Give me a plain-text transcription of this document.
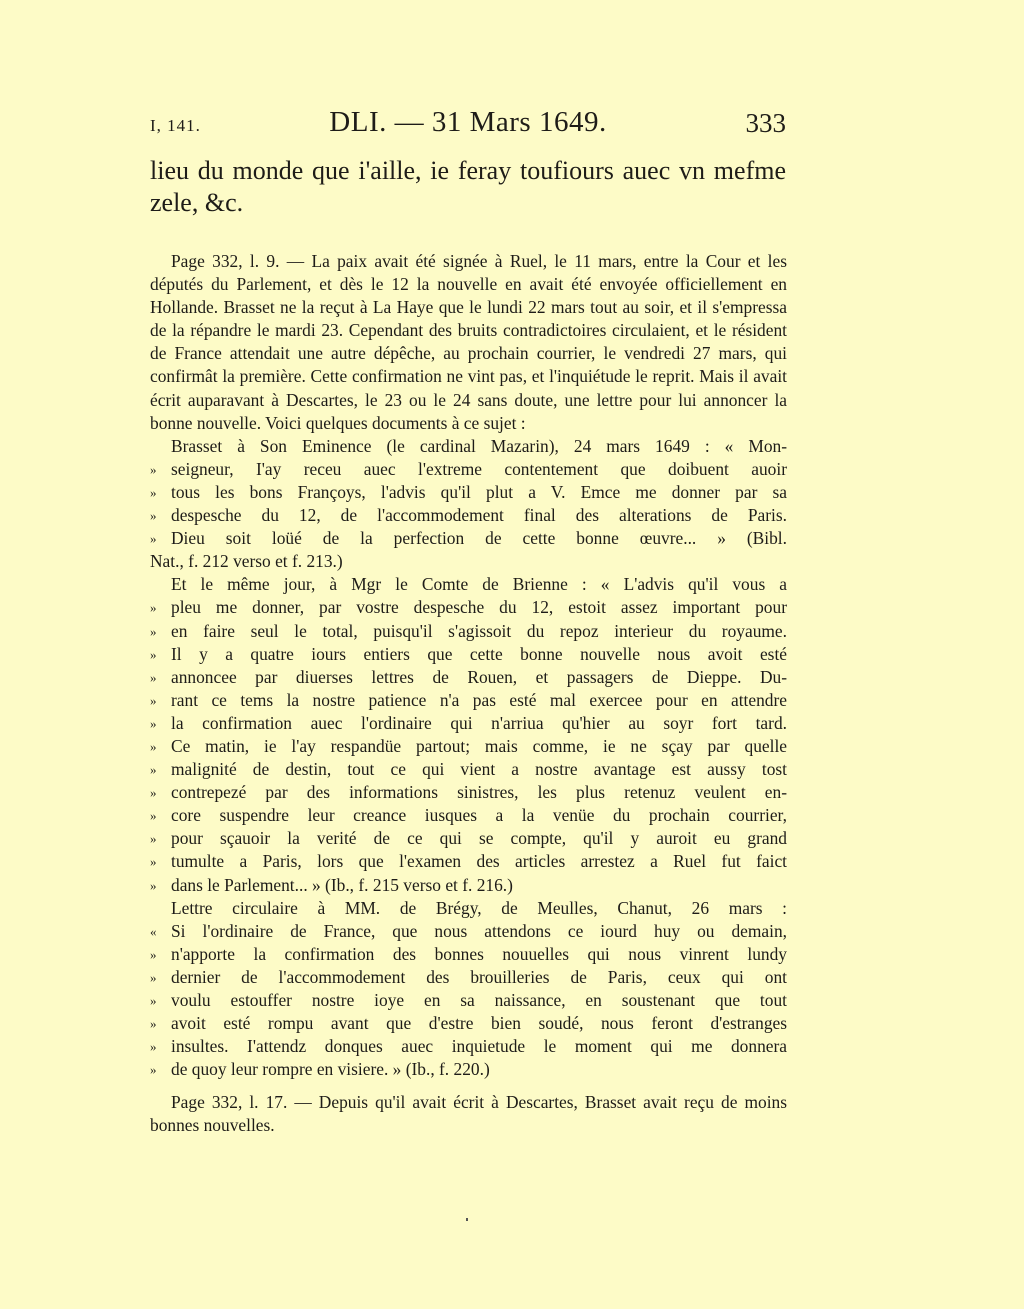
I, 141.	DLI. — 31 Mars 1649.	333
lieu du monde que i'aille, ie feray toufiours auec vn mefme zele, &c.

Page 332, l. 9. — La paix avait été signée à Ruel, le 11 mars, entre la Cour et les députés du Parlement, et dès le 12 la nouvelle en avait été envoyée officiellement en Hollande. Brasset ne la reçut à La Haye que le lundi 22 mars tout au soir, et il s'empressa de la répandre le mardi 23. Cependant des bruits contradictoires circulaient, et le résident de France attendait une autre dépêche, au prochain courrier, le vendredi 27 mars, qui confirmât la première. Cette confirmation ne vint pas, et l'inquiétude le reprit. Mais il avait écrit auparavant à Descartes, le 23 ou le 24 sans doute, une lettre pour lui annoncer la bonne nouvelle. Voici quelques documents à ce sujet :

Brasset à Son Eminence (le cardinal Mazarin), 24 mars 1649 : « Mon-
» seigneur, I'ay receu auec l'extreme contentement que doibuent auoir
» tous les bons Françoys, l'advis qu'il plut a V. Emce me donner par sa
» despesche du 12, de l'accommodement final des alterations de Paris.
» Dieu soit loüé de la perfection de cette bonne œuvre... » (Bibl.
Nat., f. 212 verso et f. 213.)
Et le même jour, à Mgr le Comte de Brienne : « L'advis qu'il vous a
» pleu me donner, par vostre despesche du 12, estoit assez important pour
» en faire seul le total, puisqu'il s'agissoit du repoz interieur du royaume.
» Il y a quatre iours entiers que cette bonne nouvelle nous avoit esté
» annoncee par diuerses lettres de Rouen, et passagers de Dieppe. Du-
» rant ce tems la nostre patience n'a pas esté mal exercee pour en attendre
» la confirmation auec l'ordinaire qui n'arriua qu'hier au soyr fort tard.
» Ce matin, ie l'ay respandüe partout; mais comme, ie ne sçay par quelle
» malignité de destin, tout ce qui vient a nostre avantage est aussy tost
» contrepezé par des informations sinistres, les plus retenuz veulent en-
» core suspendre leur creance iusques a la venüe du prochain courrier,
» pour sçauoir la verité de ce qui se compte, qu'il y auroit eu grand
» tumulte a Paris, lors que l'examen des articles arrestez a Ruel fut faict
» dans le Parlement... » (Ib., f. 215 verso et f. 216.)
Lettre circulaire à MM. de Brégy, de Meulles, Chanut, 26 mars :
« Si l'ordinaire de France, que nous attendons ce iourd huy ou demain,
» n'apporte la confirmation des bonnes nouuelles qui nous vinrent lundy
» dernier de l'accommodement des brouilleries de Paris, ceux qui ont
» voulu estouffer nostre ioye en sa naissance, en soustenant que tout
» avoit esté rompu avant que d'estre bien soudé, nous feront d'estranges
» insultes. I'attendz donques auec inquietude le moment qui me donnera
» de quoy leur rompre en visiere. » (Ib., f. 220.)

Page 332, l. 17. — Depuis qu'il avait écrit à Descartes, Brasset avait reçu de moins bonnes nouvelles.
